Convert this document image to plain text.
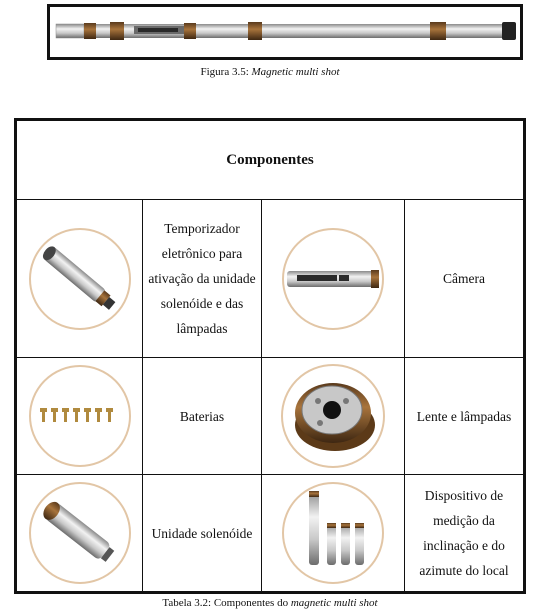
Figura 3.5: Magnetic multi shot
Componentes			

	Temporizador eletrônico para ativação da unidade solenóide e das lâmpadas		Câmera

	Baterias		Lente e lâmpadas

	Unidade solenóide		Dispositivo de medição da inclinação e do azimute do local
Tabela 3.2: Componentes do magnetic multi shot
